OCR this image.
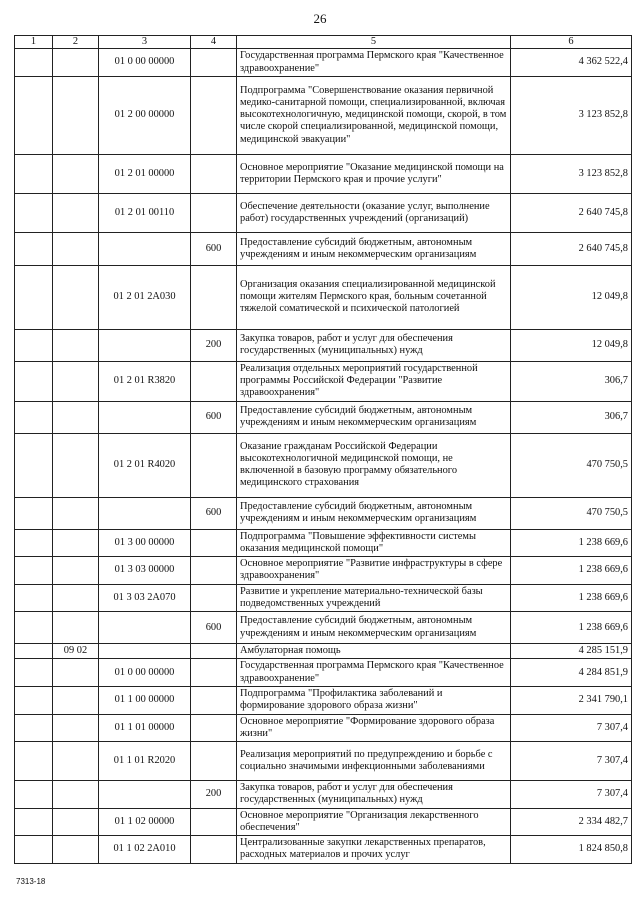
26
1	2	3	4	5	6
		01 0 00 00000		Государственная программа Пермского края "Качественное здравоохранение"	4 362 522,4
		01 2 00 00000		Подпрограмма "Совершенствование оказания первичной медико-санитарной помощи, специализированной, включая высокотехнологичную, медицинской помощи, скорой, в том числе скорой специализированной, медицинской помощи, медицинской эвакуации"	3 123 852,8
		01 2 01 00000		Основное мероприятие "Оказание медицинской помощи на территории Пермского края и прочие услуги"	3 123 852,8
		01 2 01 00110		Обеспечение деятельности (оказание услуг, выполнение работ) государственных учреждений (организаций)	2 640 745,8
			600	Предоставление субсидий бюджетным, автономным учреждениям и иным некоммерческим организациям	2 640 745,8
		01 2 01 2А030		Организация оказания специализированной медицинской помощи жителям Пермского края, больным сочетанной тяжелой соматической и психической патологией	12 049,8
			200	Закупка товаров, работ и услуг для обеспечения государственных (муниципальных) нужд	12 049,8
		01 2 01 R3820		Реализация отдельных мероприятий государственной программы Российской Федерации "Развитие здравоохранения"	306,7
			600	Предоставление субсидий бюджетным, автономным учреждениям и иным некоммерческим организациям	306,7
		01 2 01 R4020		Оказание гражданам Российской Федерации высокотехнологичной медицинской помощи, не включенной в базовую программу обязательного медицинского страхования	470 750,5
			600	Предоставление субсидий бюджетным, автономным учреждениям и иным некоммерческим организациям	470 750,5
		01 3 00 00000		Подпрограмма "Повышение эффективности системы оказания медицинской помощи"	1 238 669,6
		01 3 03 00000		Основное мероприятие "Развитие инфраструктуры в сфере здравоохранения"	1 238 669,6
		01 3 03 2А070		Развитие и укрепление материально-технической базы подведомственных учреждений	1 238 669,6
			600	Предоставление субсидий бюджетным, автономным учреждениям и иным некоммерческим организациям	1 238 669,6
	09 02			Амбулаторная помощь	4 285 151,9
		01 0 00 00000		Государственная программа Пермского края "Качественное здравоохранение"	4 284 851,9
		01 1 00 00000		Подпрограмма "Профилактика заболеваний и формирование здорового образа жизни"	2 341 790,1
		01 1 01 00000		Основное мероприятие "Формирование здорового образа жизни"	7 307,4
		01 1 01 R2020		Реализация мероприятий по предупреждению и борьбе с социально значимыми инфекционными заболеваниями	7 307,4
			200	Закупка товаров, работ и услуг для обеспечения государственных (муниципальных) нужд	7 307,4
		01 1 02 00000		Основное мероприятие "Организация лекарственного обеспечения"	2 334 482,7
		01 1 02 2А010		Централизованные закупки лекарственных препаратов, расходных материалов и прочих услуг	1 824 850,8
7313-18
